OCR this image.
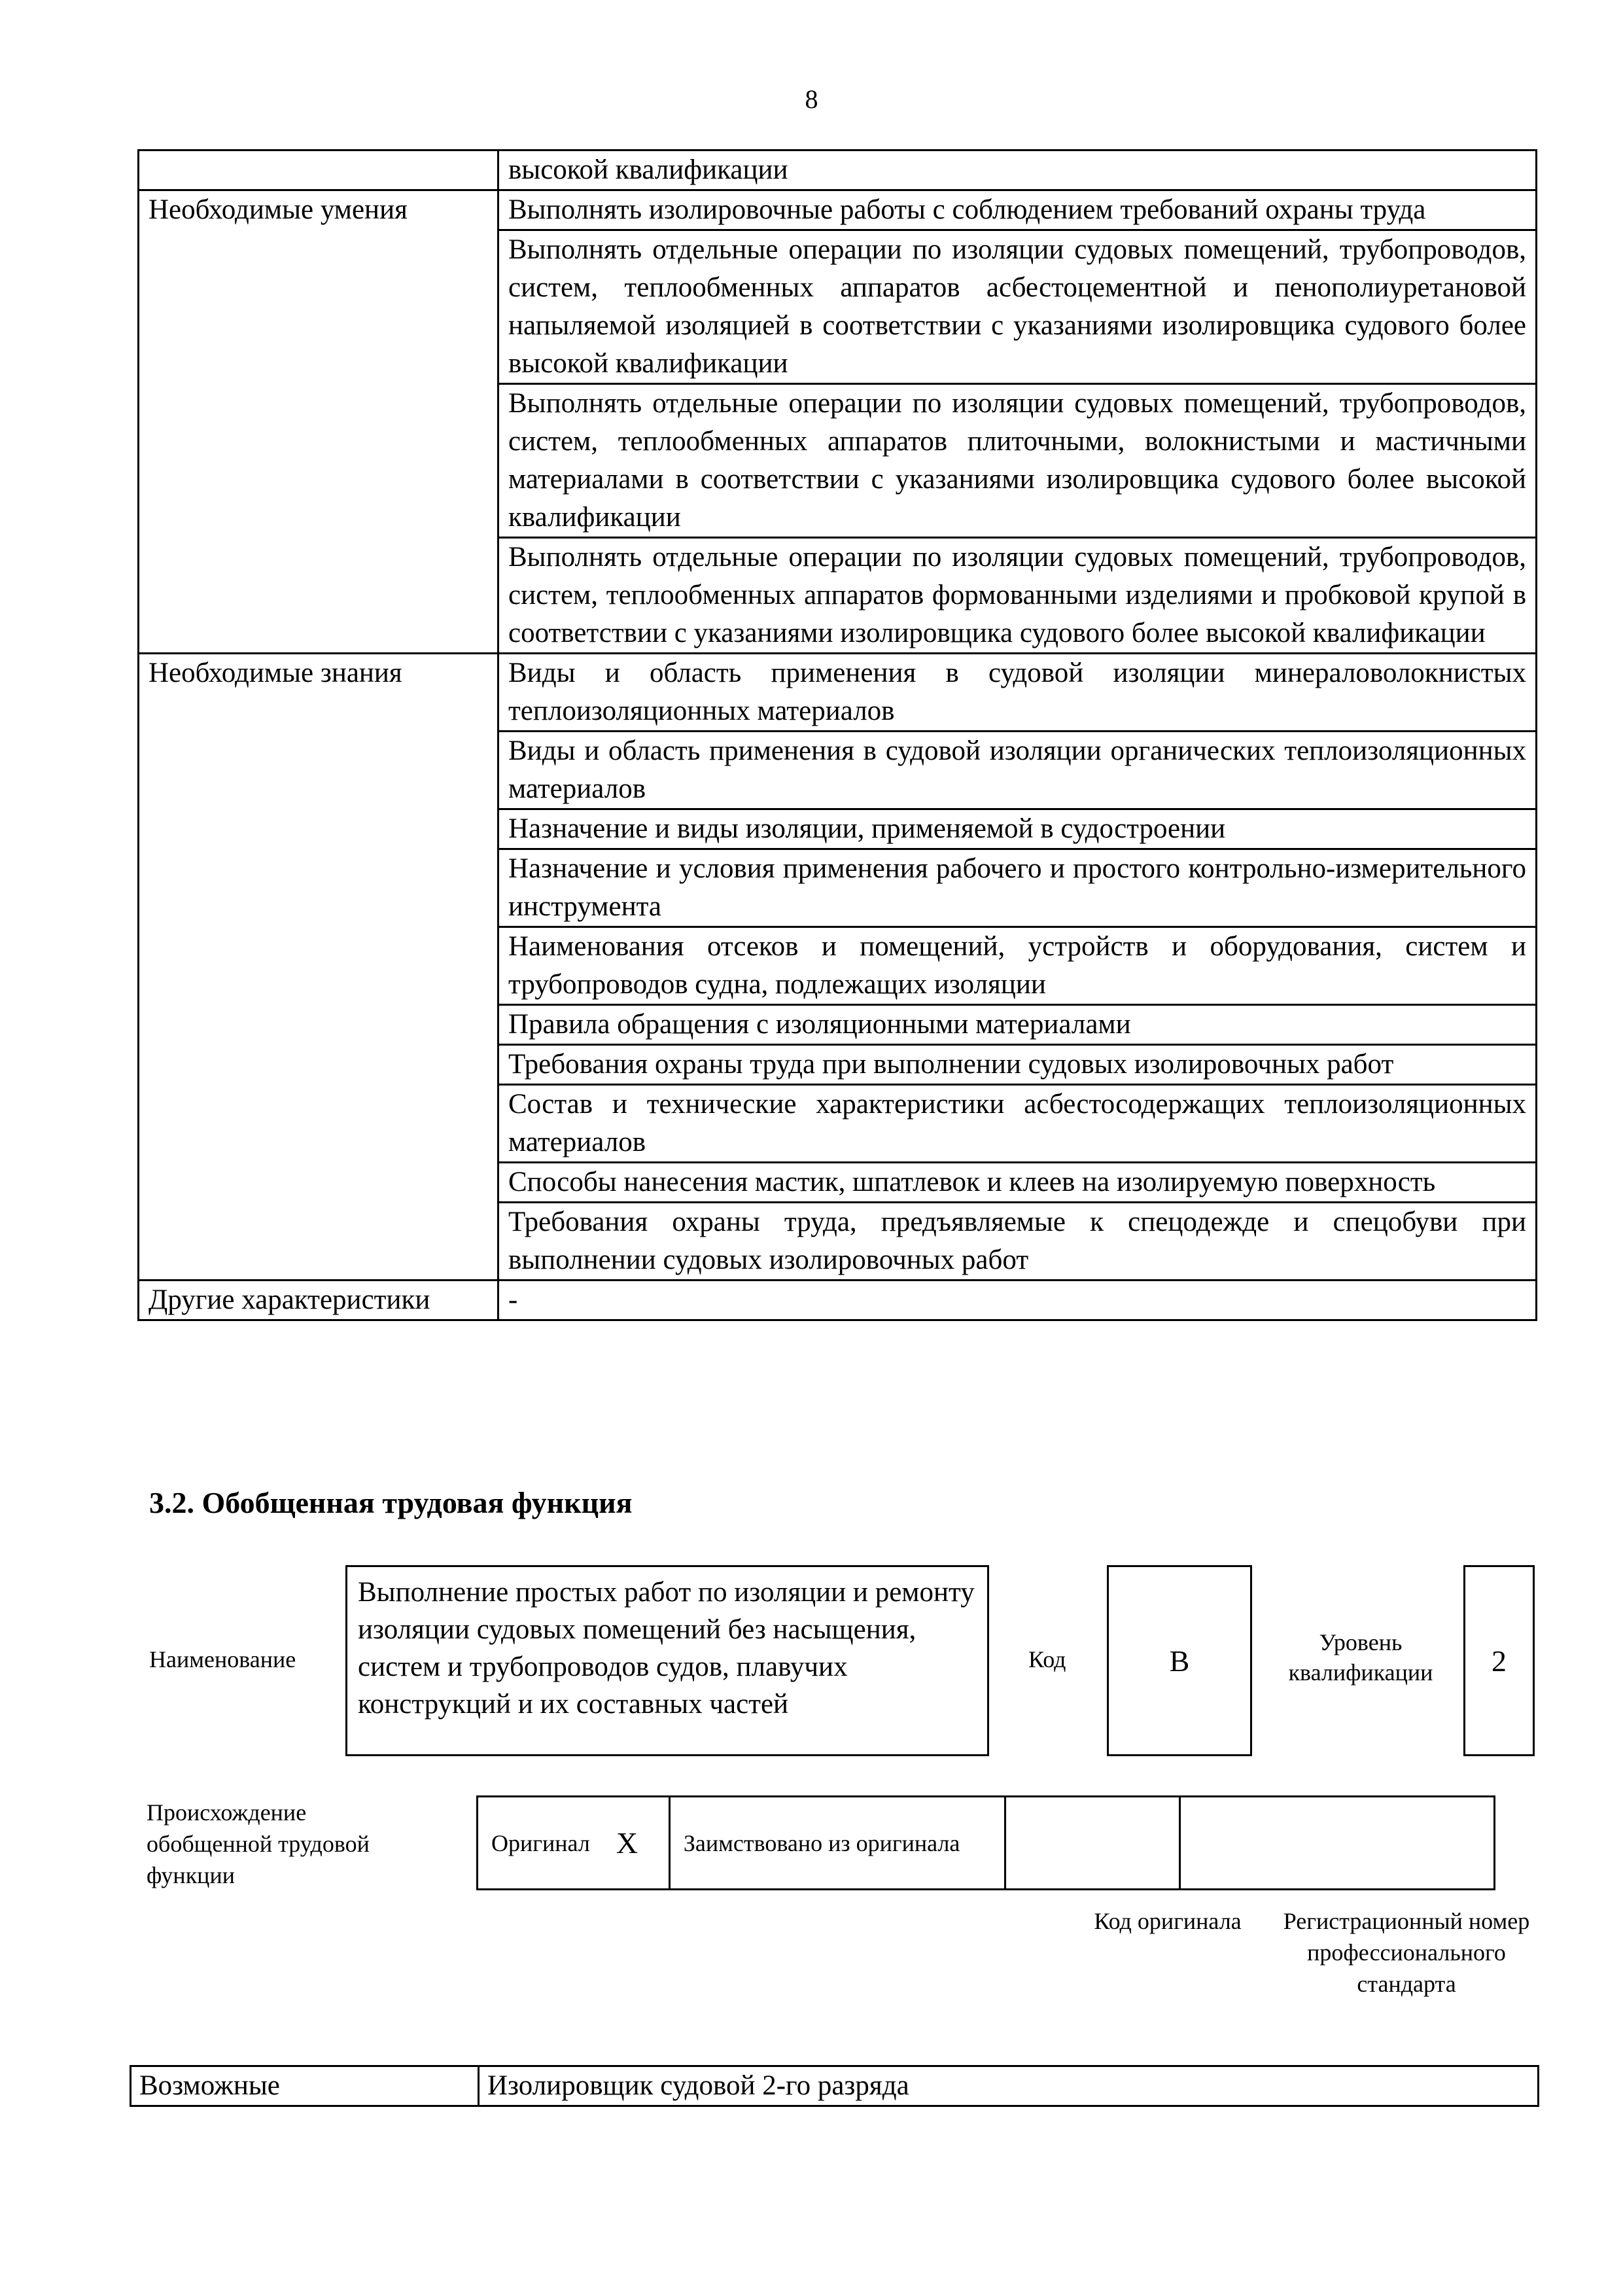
8
	высокой квалификации
Необходимые умения	Выполнять изолировочные работы с соблюдением требований охраны труда
	Выполнять отдельные операции по изоляции судовых помещений, трубопроводов, систем, теплообменных аппаратов асбестоцементной и пенополиуретановой напыляемой изоляцией в соответствии с указаниями изолировщика судового более высокой квалификации
	Выполнять отдельные операции по изоляции судовых помещений, трубопроводов, систем, теплообменных аппаратов плиточными, волокнистыми и мастичными материалами в соответствии с указаниями изолировщика судового более высокой квалификации
	Выполнять отдельные операции по изоляции судовых помещений, трубопроводов, систем, теплообменных аппаратов формованными изделиями и пробковой крупой в соответствии с указаниями изолировщика судового более высокой квалификации
Необходимые знания	Виды и область применения в судовой изоляции минераловолокнистых теплоизоляционных материалов
	Виды и область применения в судовой изоляции органических теплоизоляционных материалов
	Назначение и виды изоляции, применяемой в судостроении
	Назначение и условия применения рабочего и простого контрольно-измерительного инструмента
	Наименования отсеков и помещений, устройств и оборудования, систем и трубопроводов судна, подлежащих изоляции
	Правила обращения с изоляционными материалами
	Требования охраны труда при выполнении судовых изолировочных работ
	Состав и технические характеристики асбестосодержащих теплоизоляционных материалов
	Способы нанесения мастик, шпатлевок и клеев на изолируемую поверхность
	Требования охраны труда, предъявляемые к спецодежде и спецобуви при выполнении судовых изолировочных работ
Другие характеристики	-
3.2. Обобщенная трудовая функция
Наименование
Выполнение простых работ по изоляции и ремонту изоляции судовых помещений без насыщения, систем и трубопроводов судов, плавучих конструкций и их составных частей
Код	В
Уровень квалификации	2
Происхождение обобщенной трудовой функции
Оригинал	X	Заимствовано из оригинала		
Код оригинала	Регистрационный номер профессионального стандарта
Возможные	Изолировщик судовой 2-го разряда
